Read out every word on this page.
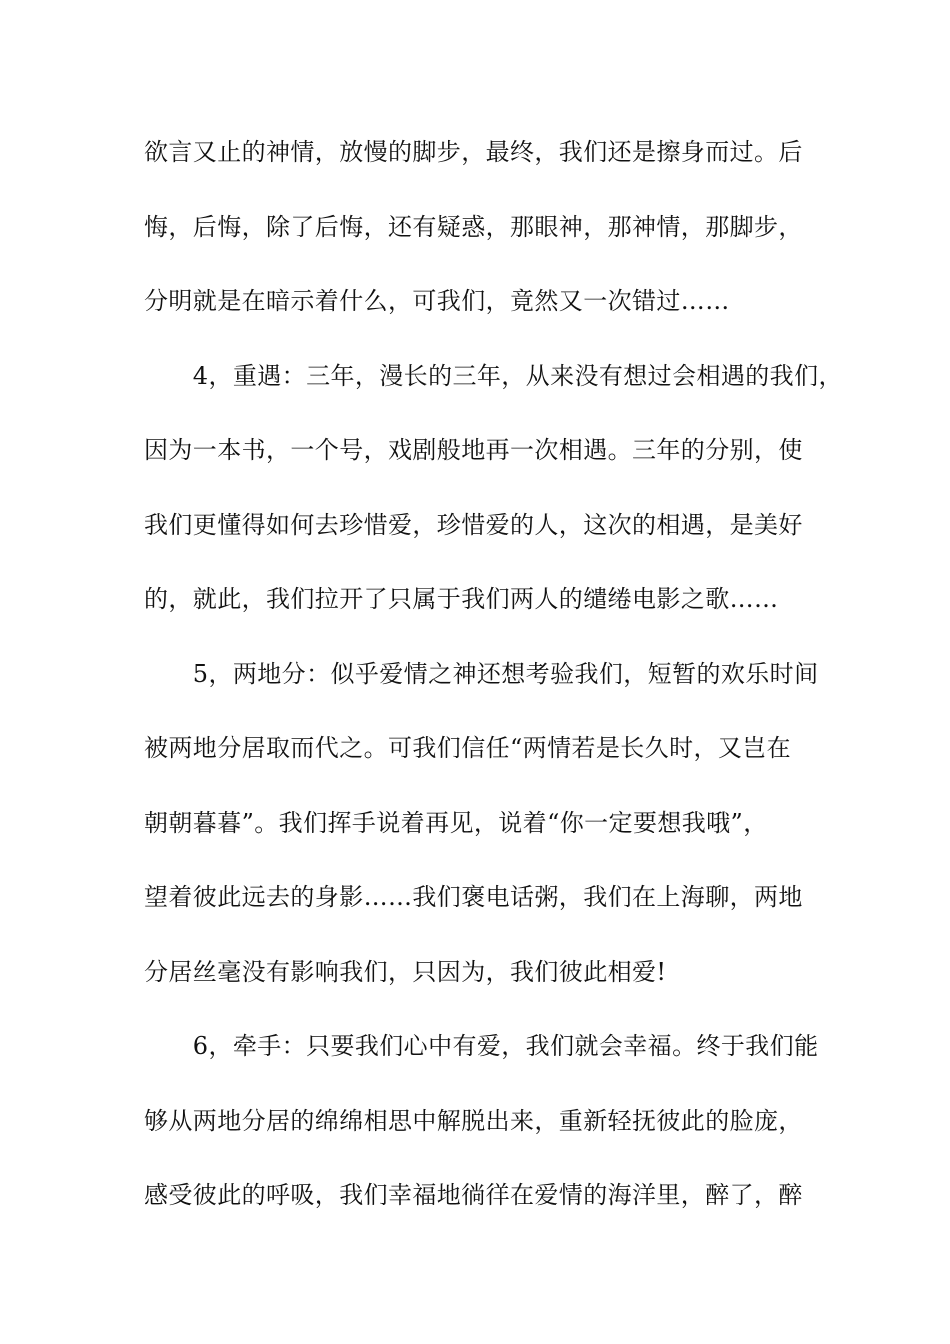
欲言又止的神情，放慢的脚步，最终，我们还是擦身而过。后

悔，后悔，除了后悔，还有疑惑，那眼神，那神情，那脚步，

分明就是在暗示着什么，可我们，竟然又一次错过……

　　4，重遇：三年，漫长的三年，从来没有想过会相遇的我们，

因为一本书，一个号，戏剧般地再一次相遇。三年的分别，使

我们更懂得如何去珍惜爱，珍惜爱的人，这次的相遇，是美好

的，就此，我们拉开了只属于我们两人的缱绻电影之歌……

　　5，两地分：似乎爱情之神还想考验我们，短暂的欢乐时间

被两地分居取而代之。可我们信任“两情若是长久时，又岂在

朝朝暮暮”。我们挥手说着再见，说着“你一定要想我哦”，

望着彼此远去的身影……我们褒电话粥，我们在上海聊，两地

分居丝毫没有影响我们，只因为，我们彼此相爱!

　　6，牵手：只要我们心中有爱，我们就会幸福。终于我们能

够从两地分居的绵绵相思中解脱出来，重新轻抚彼此的脸庞，

感受彼此的呼吸，我们幸福地徜徉在爱情的海洋里，醉了，醉
